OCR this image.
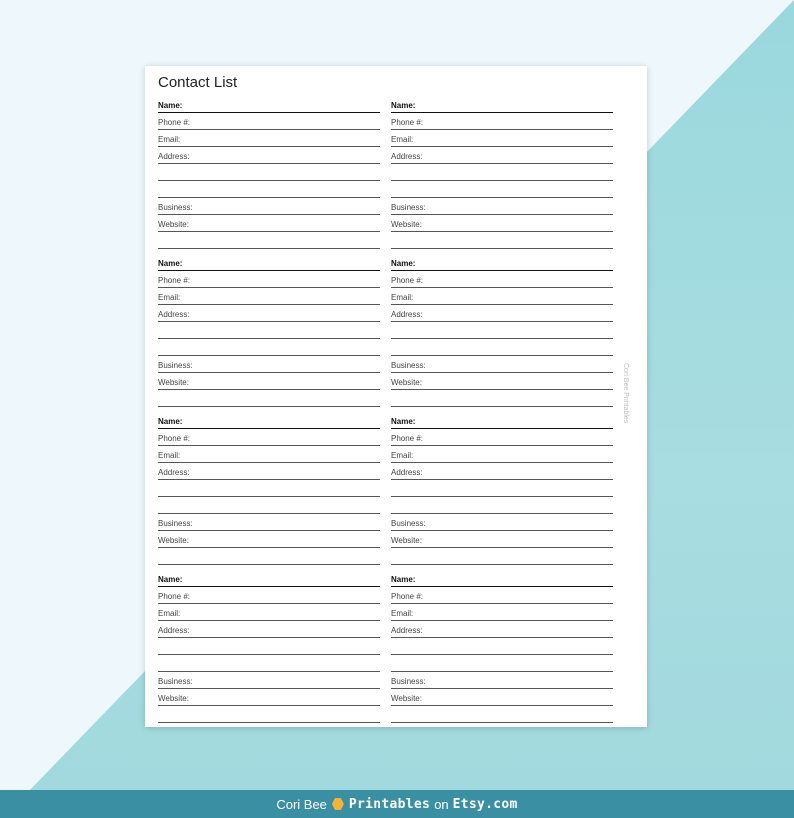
Contact List
Name:
Phone #:
Email:
Address:
Business:
Website:
Name:
Phone #:
Email:
Address:
Business:
Website:
Name:
Phone #:
Email:
Address:
Business:
Website:
Name:
Phone #:
Email:
Address:
Business:
Website:
Name:
Phone #:
Email:
Address:
Business:
Website:
Name:
Phone #:
Email:
Address:
Business:
Website:
Name:
Phone #:
Email:
Address:
Business:
Website:
Name:
Phone #:
Email:
Address:
Business:
Website:
Cori Bee Printables
Cori Bee Printables on Etsy.com
